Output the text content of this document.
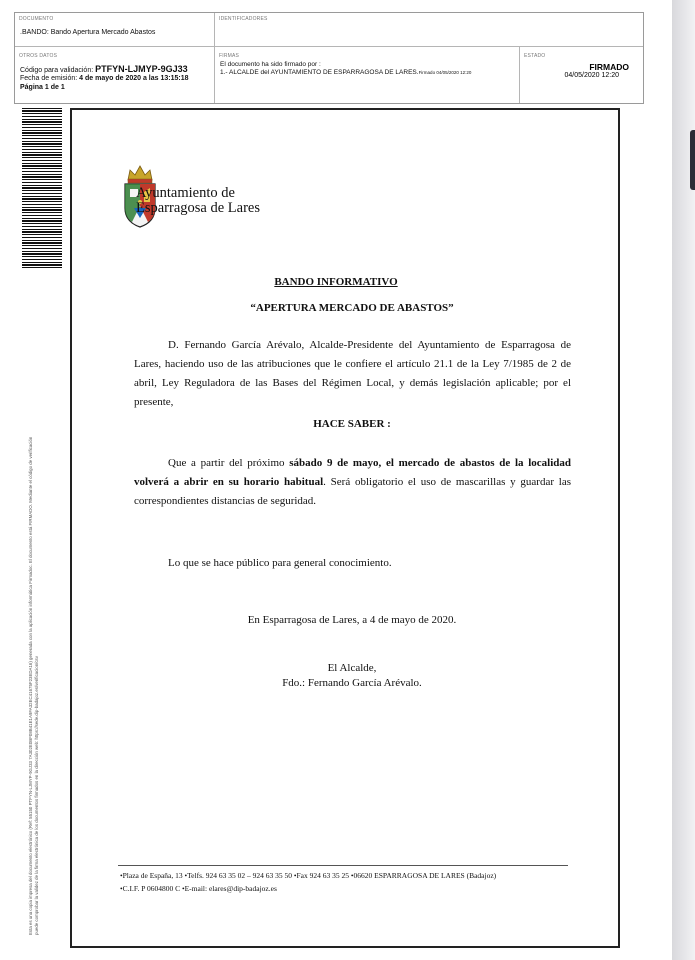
DOCUMENTO
.BANDO: Bando Apertura Mercado Abastos
IDENTIFICADORES
OTROS DATOS
Código para validación: PTFYN-LJMYP-9GJ33
Fecha de emisión: 4 de mayo de 2020 a las 13:15:18
Página 1 de 1
FIRMAS
El documento ha sido firmado por :
1.- ALCALDE del AYUNTAMIENTO DE ESPARRAGOSA DE LARES.Firmado 04/05/2020 12:20
ESTADO
FIRMADO
04/05/2020 12:20
Esta es una copia impresa del documento electrónico (Ref: 55150 PTFYN-LJMYP-9GJ33 7A302E0BF08B41E1A9FA32EC41675F23EDA16) generada con la aplicación informática Firmadoc. El documento está FIRMADO. Mediante el código de verificación puede comprobar la validez de la firma electrónica de los documentos firmados en la dirección web: https://sede.dip-badajoz.es/verificacion/csv
Ayuntamiento de
Esparragosa de Lares
BANDO INFORMATIVO
“APERTURA MERCADO DE ABASTOS”
D. Fernando García Arévalo, Alcalde-Presidente del Ayuntamiento de Esparragosa de Lares, haciendo uso de las atribuciones que le confiere el artículo 21.1 de la Ley 7/1985 de 2 de abril, Ley Reguladora de las Bases del Régimen Local, y demás legislación aplicable; por el presente,
HACE SABER :
Que a partir del próximo sábado 9 de mayo, el mercado de abastos de la localidad volverá a abrir en su horario habitual. Será obligatorio el uso de mascarillas y guardar las correspondientes distancias de seguridad.
Lo que se hace público para general conocimiento.
En Esparragosa de Lares, a 4 de mayo de 2020.
El Alcalde,
Fdo.: Fernando García Arévalo.
•Plaza de España, 13 •Telfs. 924 63 35 02 – 924 63 35 50 •Fax 924 63 35 25 •06620 ESPARRAGOSA DE LARES (Badajoz)
•C.I.F. P 0604800 C •E-mail: elares@dip-badajoz.es
